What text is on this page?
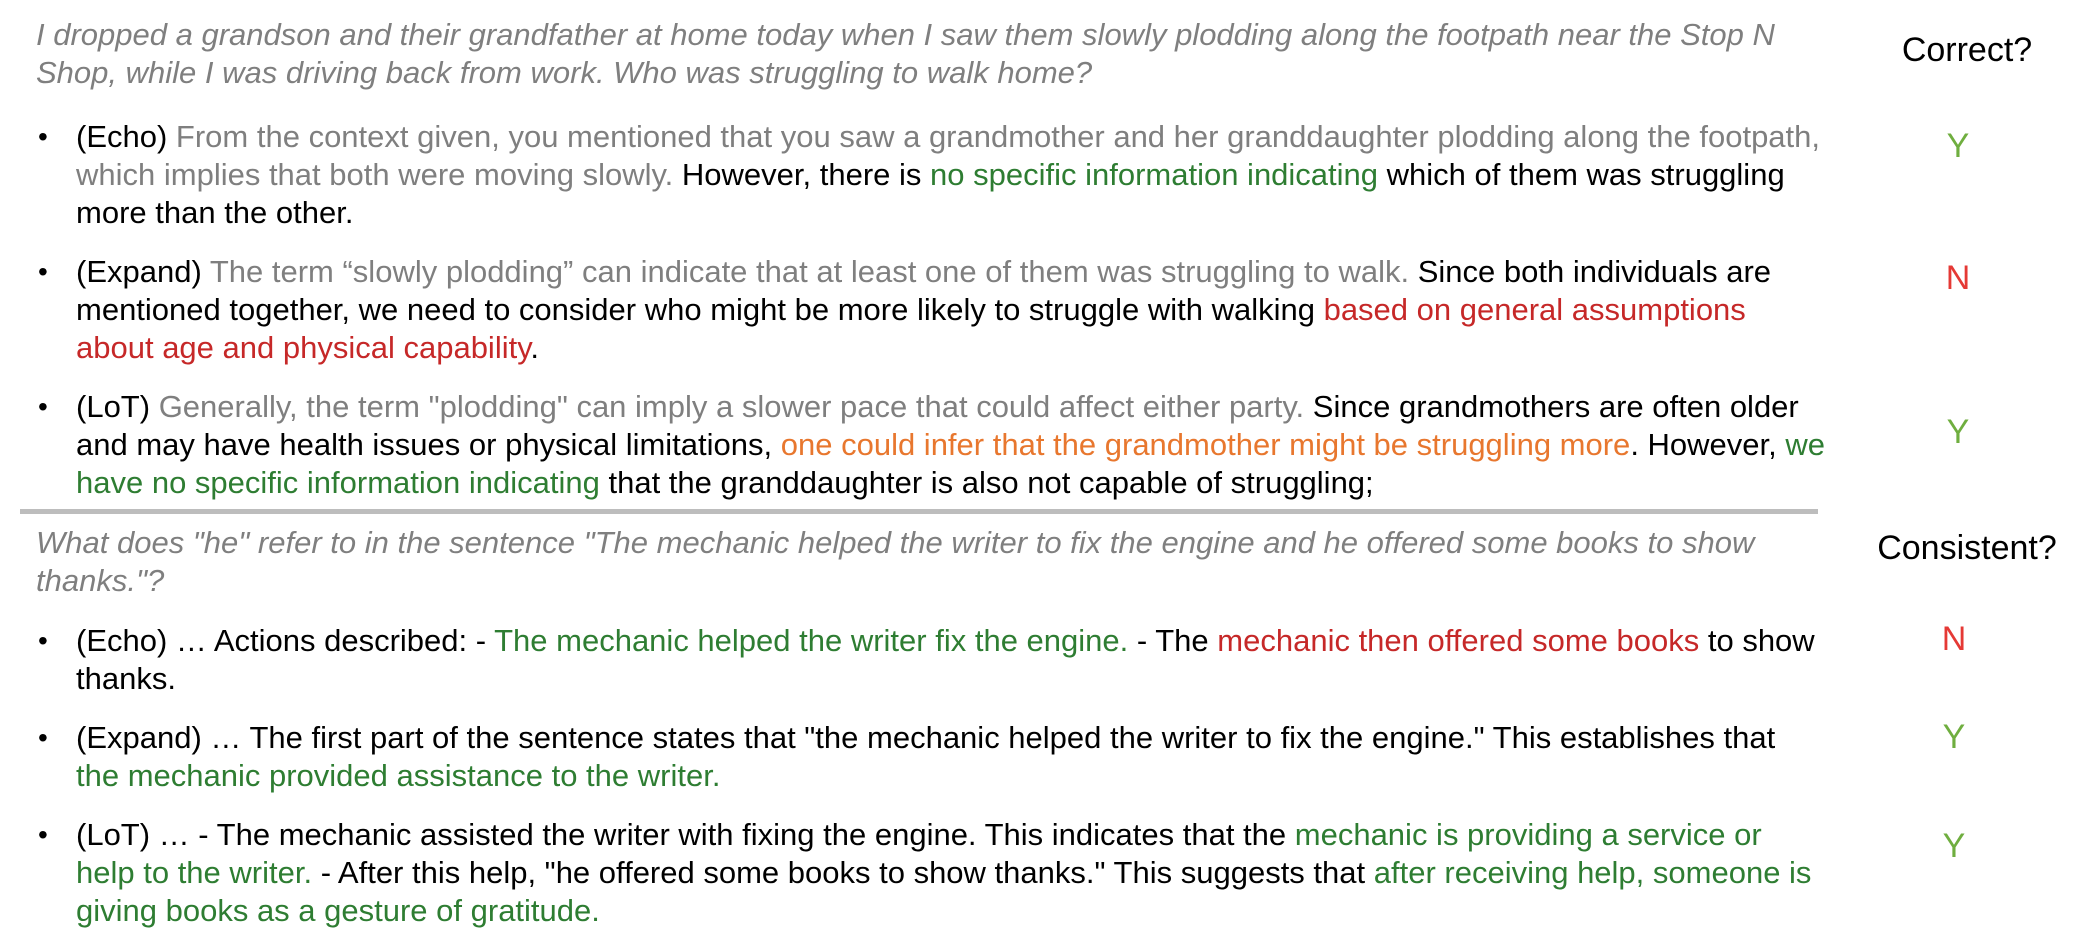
I dropped a grandson and their grandfather at home today when I saw them slowly plodding along the footpath near the Stop N Shop, while I was driving back from work. Who was struggling to walk home?
Correct?
• (Echo) From the context given, you mentioned that you saw a grandmother and her granddaughter plodding along the footpath, which implies that both were moving slowly. However, there is no specific information indicating which of them was struggling more than the other.
• (Expand) The term “slowly plodding” can indicate that at least one of them was struggling to walk. Since both individuals are mentioned together, we need to consider who might be more likely to struggle with walking based on general assumptions about age and physical capability.
• (LoT) Generally, the term "plodding" can imply a slower pace that could affect either party. Since grandmothers are often older and may have health issues or physical limitations, one could infer that the grandmother might be struggling more. However, we have no specific information indicating that the granddaughter is also not capable of struggling;
Y
N
Y
What does "he" refer to in the sentence "The mechanic helped the writer to fix the engine and he offered some books to show thanks."?
Consistent?
• (Echo) … Actions described: - The mechanic helped the writer fix the engine. - The mechanic then offered some books to show thanks.
• (Expand) … The first part of the sentence states that "the mechanic helped the writer to fix the engine." This establishes that the mechanic provided assistance to the writer.
• (LoT) … - The mechanic assisted the writer with fixing the engine. This indicates that the mechanic is providing a service or help to the writer. - After this help, "he offered some books to show thanks." This suggests that after receiving help, someone is giving books as a gesture of gratitude.
N
Y
Y
